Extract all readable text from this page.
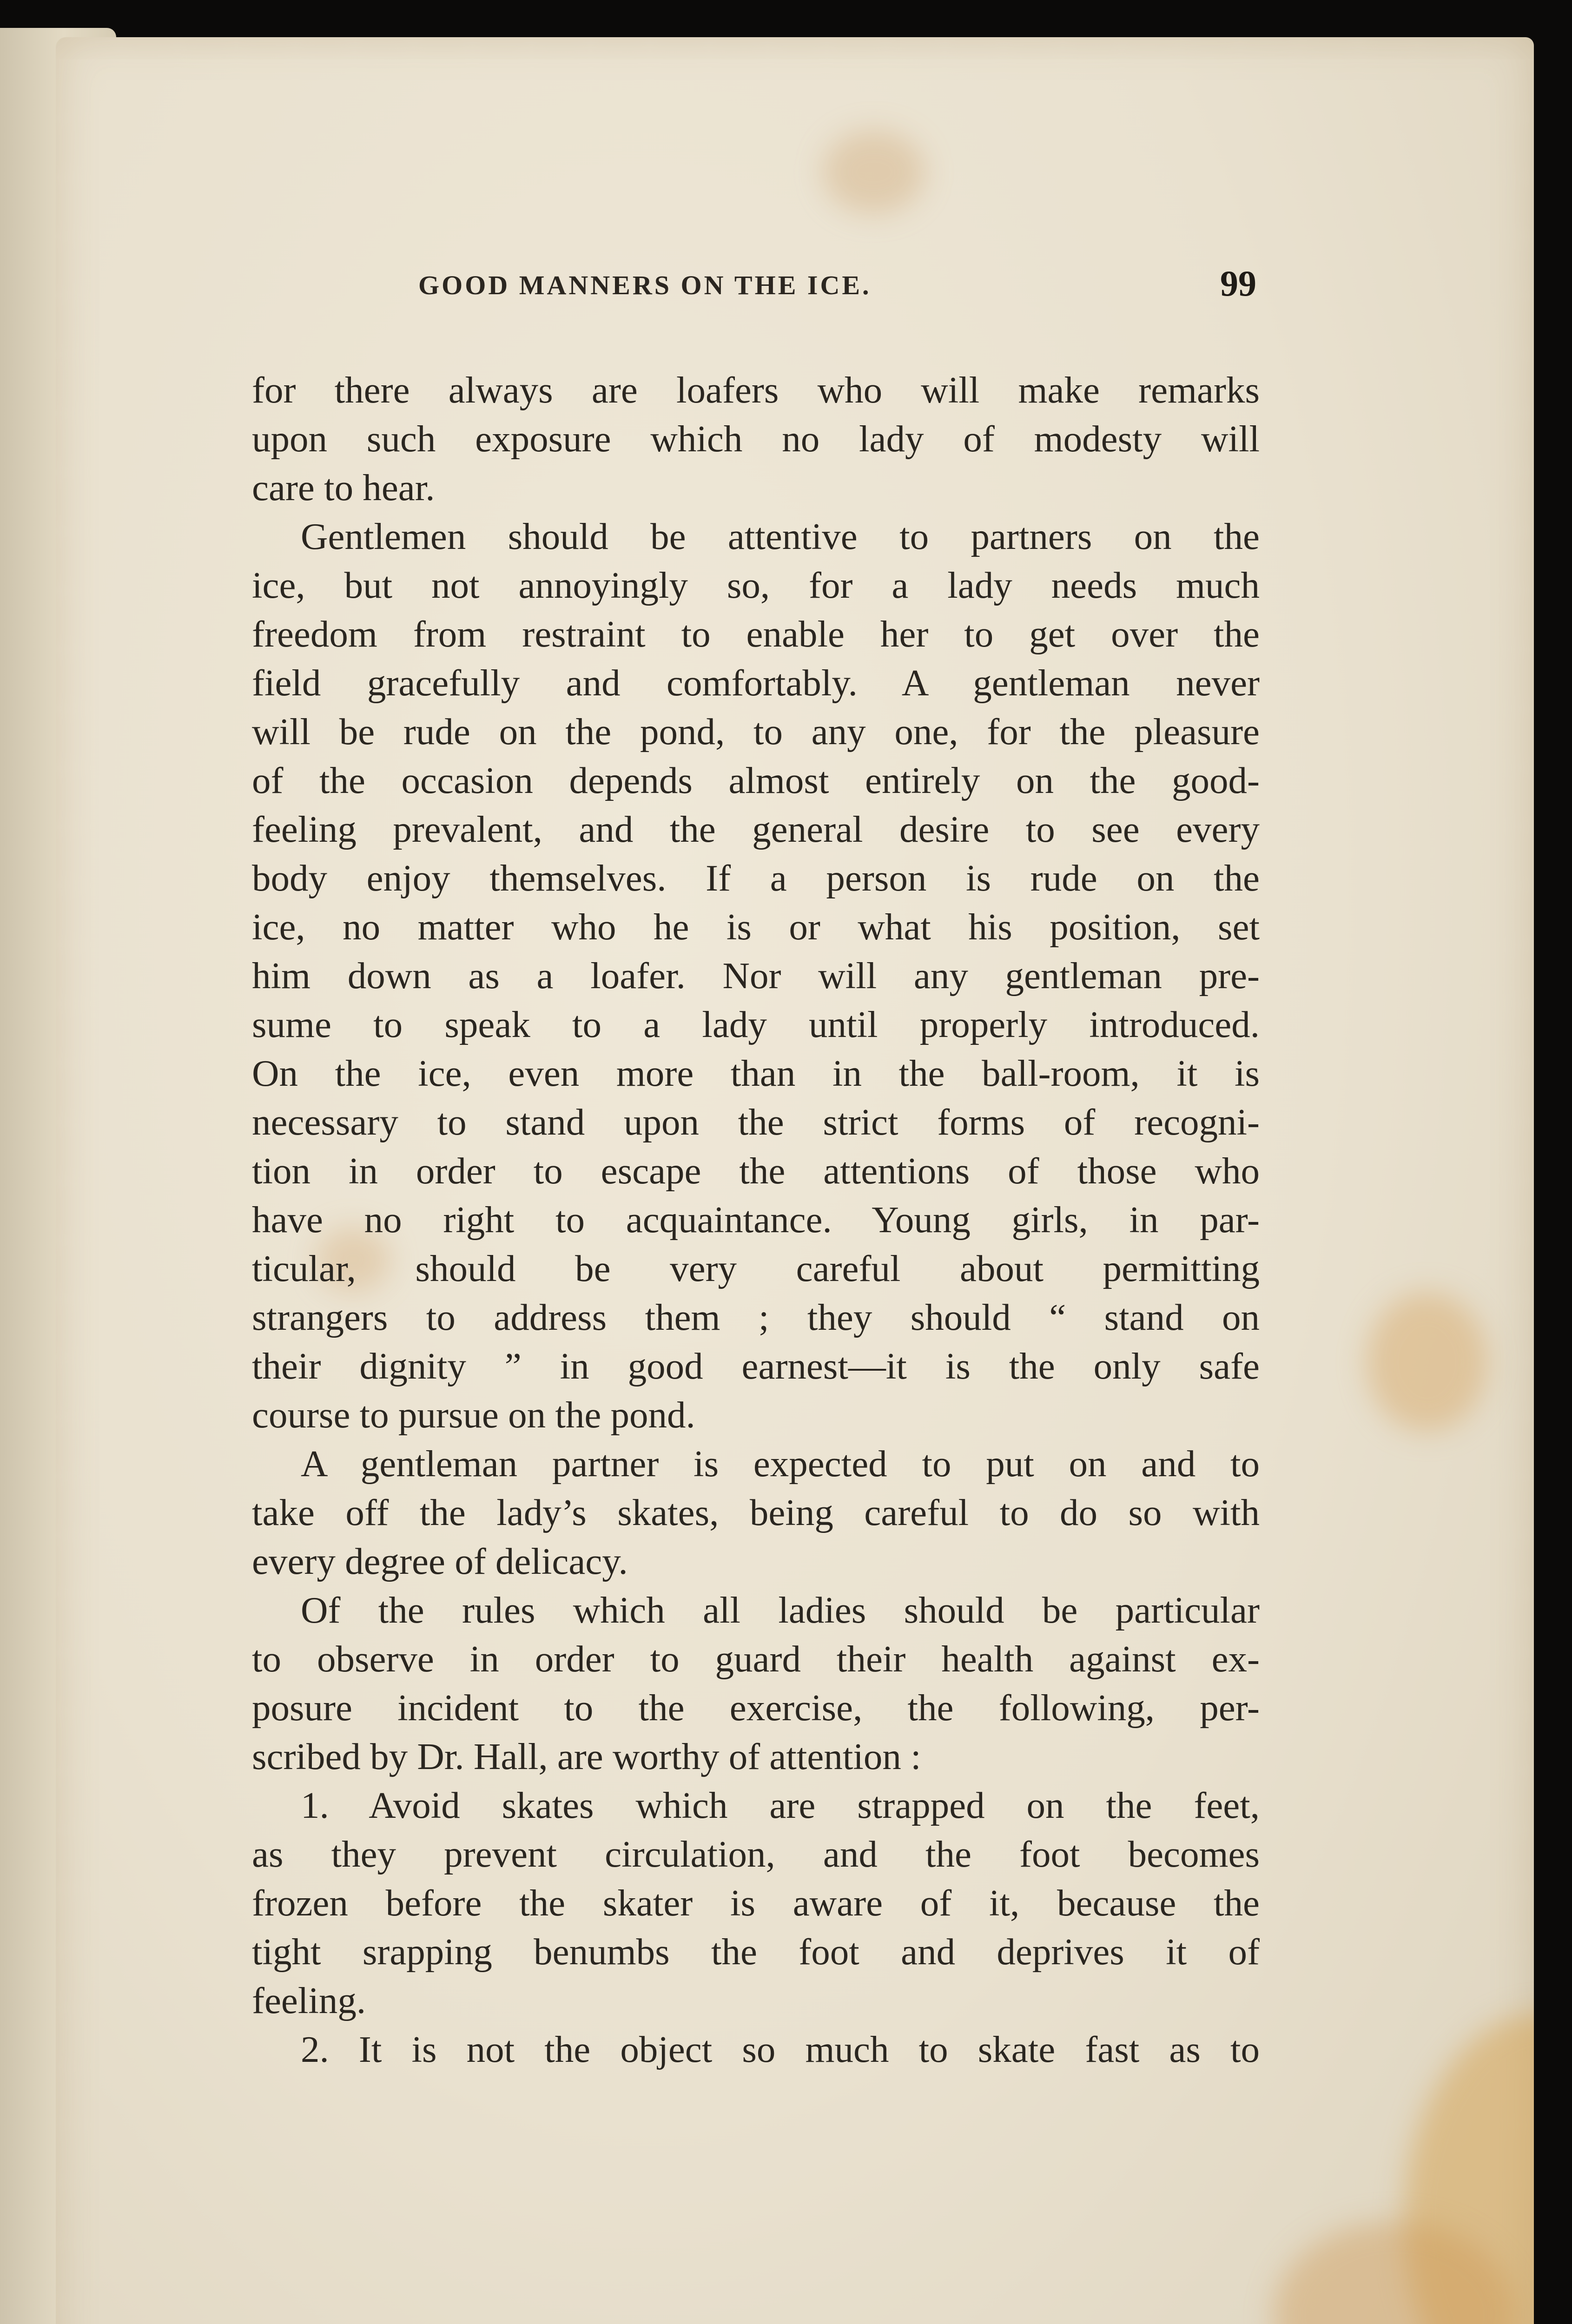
GOOD MANNERS ON THE ICE.	99
for there always are loafers who will make remarks
upon such exposure which no lady of modesty will
care to hear.
Gentlemen should be attentive to partners on the
ice, but not annoyingly so, for a lady needs much
freedom from restraint to enable her to get over the
field gracefully and comfortably. A gentleman never
will be rude on the pond, to any one, for the pleasure
of the occasion depends almost entirely on the good-
feeling prevalent, and the general desire to see every
body enjoy themselves. If a person is rude on the
ice, no matter who he is or what his position, set
him down as a loafer. Nor will any gentleman pre-
sume to speak to a lady until properly introduced.
On the ice, even more than in the ball-room, it is
necessary to stand upon the strict forms of recogni-
tion in order to escape the attentions of those who
have no right to acquaintance. Young girls, in par-
ticular, should be very careful about permitting
strangers to address them ; they should “ stand on
their dignity ” in good earnest—it is the only safe
course to pursue on the pond.
A gentleman partner is expected to put on and to
take off the lady’s skates, being careful to do so with
every degree of delicacy.
Of the rules which all ladies should be particular
to observe in order to guard their health against ex-
posure incident to the exercise, the following, per-
scribed by Dr. Hall, are worthy of attention :
1. Avoid skates which are strapped on the feet,
as they prevent circulation, and the foot becomes
frozen before the skater is aware of it, because the
tight srapping benumbs the foot and deprives it of
feeling.
2. It is not the object so much to skate fast as to
